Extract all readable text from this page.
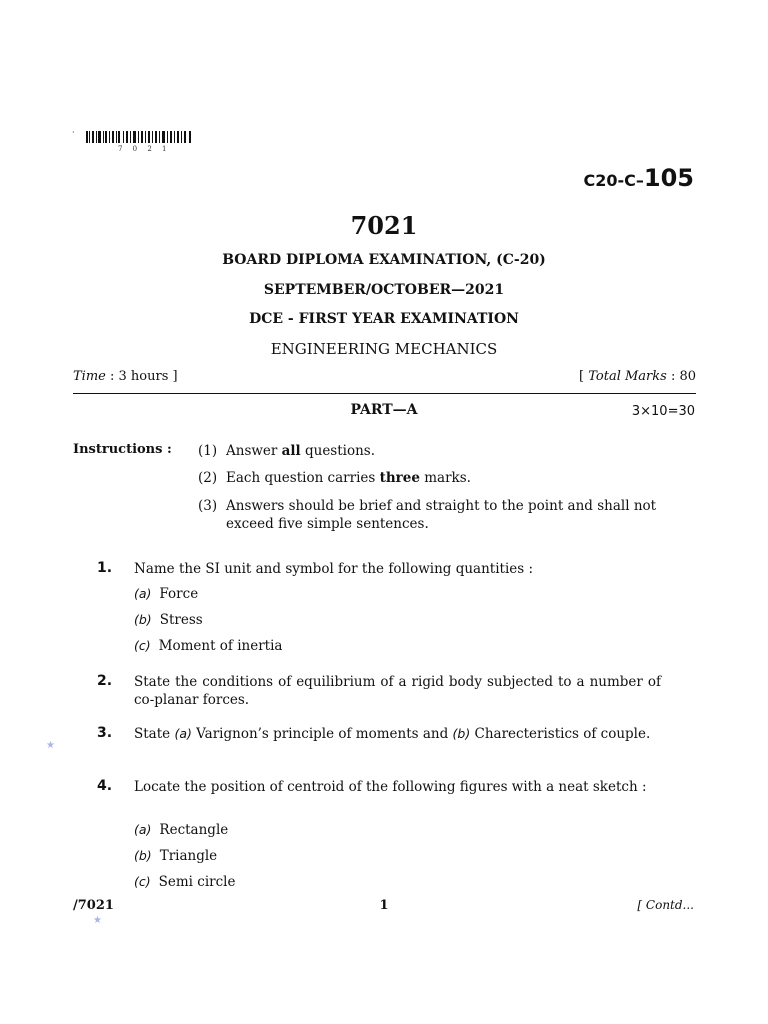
·
7 0 2 1
C20-C–105
7021
BOARD DIPLOMA EXAMINATION, (C-20)
SEPTEMBER/OCTOBER—2021
DCE - FIRST YEAR EXAMINATION
ENGINEERING MECHANICS
Time : 3 hours ]	[ Total Marks : 80
PART—A	3×10=30
Instructions : (1) Answer all questions.
(2) Each question carries three marks.
(3) Answers should be brief and straight to the point and shall not exceed five simple sentences.
1. Name the SI unit and symbol for the following quantities :
(a) Force
(b) Stress
(c) Moment of inertia
2. State the conditions of equilibrium of a rigid body subjected to a number of co-planar forces.
3. State (a) Varignon’s principle of moments and (b) Charecteristics of couple.
★
4. Locate the position of centroid of the following figures with a neat sketch :
(a) Rectangle
(b) Triangle
(c) Semi circle
/7021	1	[ Contd...
★
